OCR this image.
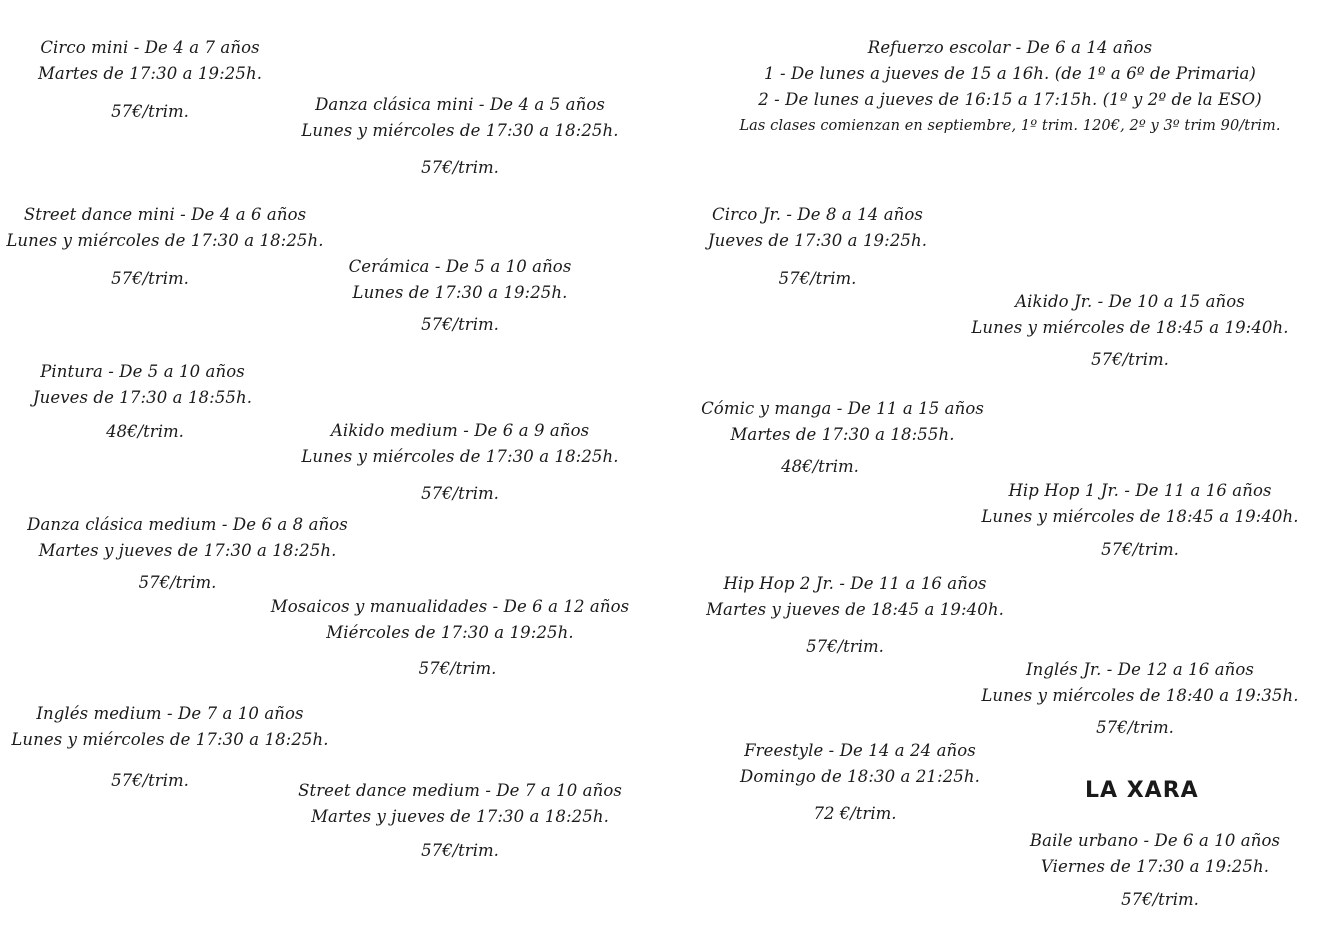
Circo mini - De 4 a 7 años
Martes de 17:30 a 19:25h.
57€/trim.	Danza clásica mini - De 4 a 5 años
Lunes y miércoles de 17:30 a 18:25h.
57€/trim.
Street dance mini - De 4 a 6 años
Lunes y miércoles de 17:30 a 18:25h.
57€/trim.
Cerámica - De 5 a 10 años
Lunes de 17:30 a 19:25h.
57€/trim.
Pintura - De 5 a 10 años
Jueves de 17:30 a 18:55h.
48€/trim.	Aikido medium - De 6 a 9 años
Lunes y miércoles de 17:30 a 18:25h.
57€/trim.
Danza clásica medium - De 6 a 8 años
Martes y jueves de 17:30 a 18:25h.
57€/trim.
Mosaicos y manualidades - De 6 a 12 años
Miércoles de 17:30 a 19:25h.
57€/trim.
Inglés medium - De 7 a 10 años
Lunes y miércoles de 17:30 a 18:25h.
57€/trim.
Street dance medium - De 7 a 10 años
Martes y jueves de 17:30 a 18:25h.
57€/trim.
Refuerzo escolar - De 6 a 14 años
1 - De lunes a jueves de 15 a 16h. (de 1º a 6º de Primaria)
2 - De lunes a jueves de 16:15 a 17:15h. (1º y 2º de la ESO)
Las clases comienzan en septiembre, 1º trim. 120€, 2º y 3º trim 90/trim.
Circo Jr. - De 8 a 14 años
Jueves de 17:30 a 19:25h.
57€/trim.
Aikido Jr. - De 10 a 15 años
Lunes y miércoles de 18:45 a 19:40h.
57€/trim.
Cómic y manga - De 11 a 15 años
Martes de 17:30 a 18:55h.
48€/trim.
Hip Hop 1 Jr. - De 11 a 16 años
Lunes y miércoles de 18:45 a 19:40h.
57€/trim.
Hip Hop 2 Jr. - De 11 a 16 años
Martes y jueves de 18:45 a 19:40h.
57€/trim.
Inglés Jr. - De 12 a 16 años
Lunes y miércoles de 18:40 a 19:35h.
57€/trim.
Freestyle - De 14 a 24 años
Domingo de 18:30 a 21:25h.
72 €/trim.
LA XARA
Baile urbano - De 6 a 10 años
Viernes de 17:30 a 19:25h.
57€/trim.
